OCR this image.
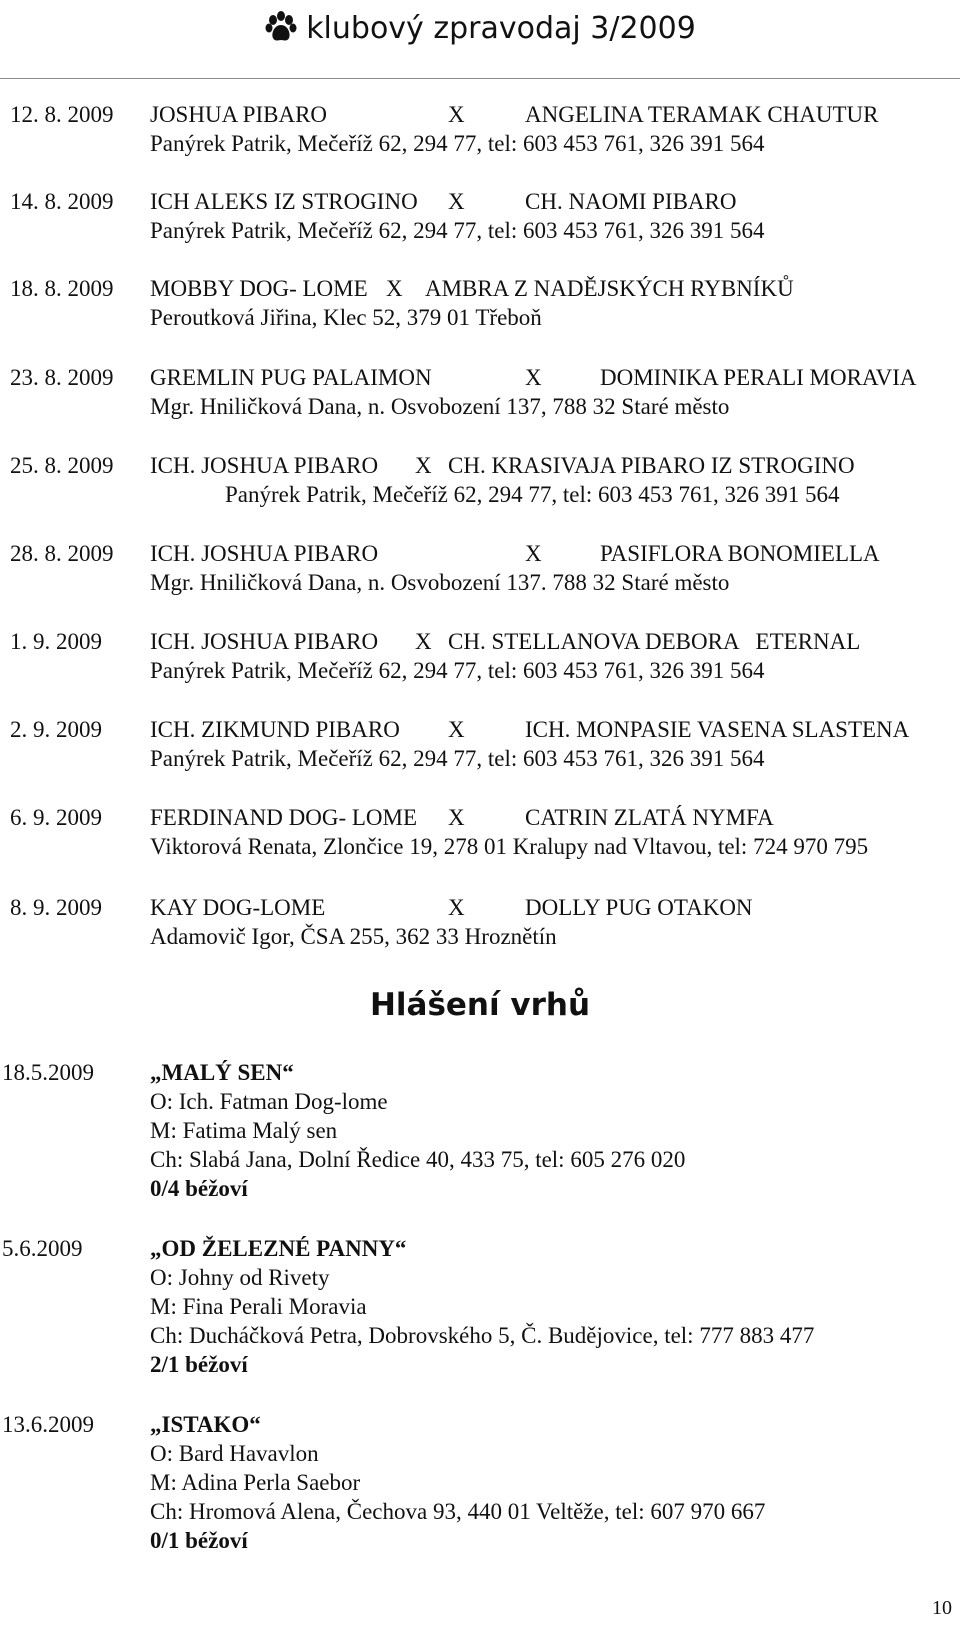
klubový zpravodaj 3/2009
12. 8. 2009 JOSHUA PIBARO	X	ANGELINA TERAMAK CHAUTUR
Panýrek Patrik, Mečeříž 62, 294 77, tel: 603 453 761, 326 391 564
14. 8. 2009 ICH ALEKS IZ STROGINO X	CH. NAOMI PIBARO
Panýrek Patrik, Mečeříž 62, 294 77, tel: 603 453 761, 326 391 564
18. 8. 2009 MOBBY DOG- LOME X AMBRA Z NADĚJSKÝCH RYBNÍKŮ
Peroutková Jiřina, Klec 52, 379 01 Třeboň
23. 8. 2009 GREMLIN PUG PALAIMON	X	DOMINIKA PERALI MORAVIA
Mgr. Hniličková Dana, n. Osvobození 137, 788 32 Staré město
25. 8. 2009 ICH. JOSHUA PIBARO X CH. KRASIVAJA PIBARO IZ STROGINO
Panýrek Patrik, Mečeříž 62, 294 77, tel: 603 453 761, 326 391 564
28. 8. 2009 ICH. JOSHUA PIBARO	X	PASIFLORA BONOMIELLA
Mgr. Hniličková Dana, n. Osvobození 137. 788 32 Staré město
1. 9. 2009 ICH. JOSHUA PIBARO X CH. STELLANOVA DEBORA   ETERNAL
Panýrek Patrik, Mečeříž 62, 294 77, tel: 603 453 761, 326 391 564
2. 9. 2009 ICH. ZIKMUND PIBARO X	ICH. MONPASIE VASENA SLASTENA
Panýrek Patrik, Mečeříž 62, 294 77, tel: 603 453 761, 326 391 564
6. 9. 2009 FERDINAND DOG- LOME X	CATRIN ZLATÁ NYMFA
Viktorová Renata, Zlončice 19, 278 01 Kralupy nad Vltavou, tel: 724 970 795
8. 9. 2009 KAY DOG-LOME	X	DOLLY PUG OTAKON
Adamovič Igor, ČSA 255, 362 33 Hroznětín
Hlášení vrhů
18.5.2009 „MALÝ SEN“
O: Ich. Fatman Dog-lome
M: Fatima Malý sen
Ch: Slabá Jana, Dolní Ředice 40, 433 75, tel: 605 276 020
0/4 béžoví
5.6.2009	„OD ŽELEZNÉ PANNY“
O: Johny od Rivety
M: Fina Perali Moravia
Ch: Ducháčková Petra, Dobrovského 5, Č. Budějovice, tel: 777 883 477
2/1 béžoví
13.6.2009 „ISTAKO“
O: Bard Havavlon
M: Adina Perla Saebor
Ch: Hromová Alena, Čechova 93, 440 01 Veltěže, tel: 607 970 667
0/1 béžoví
10
